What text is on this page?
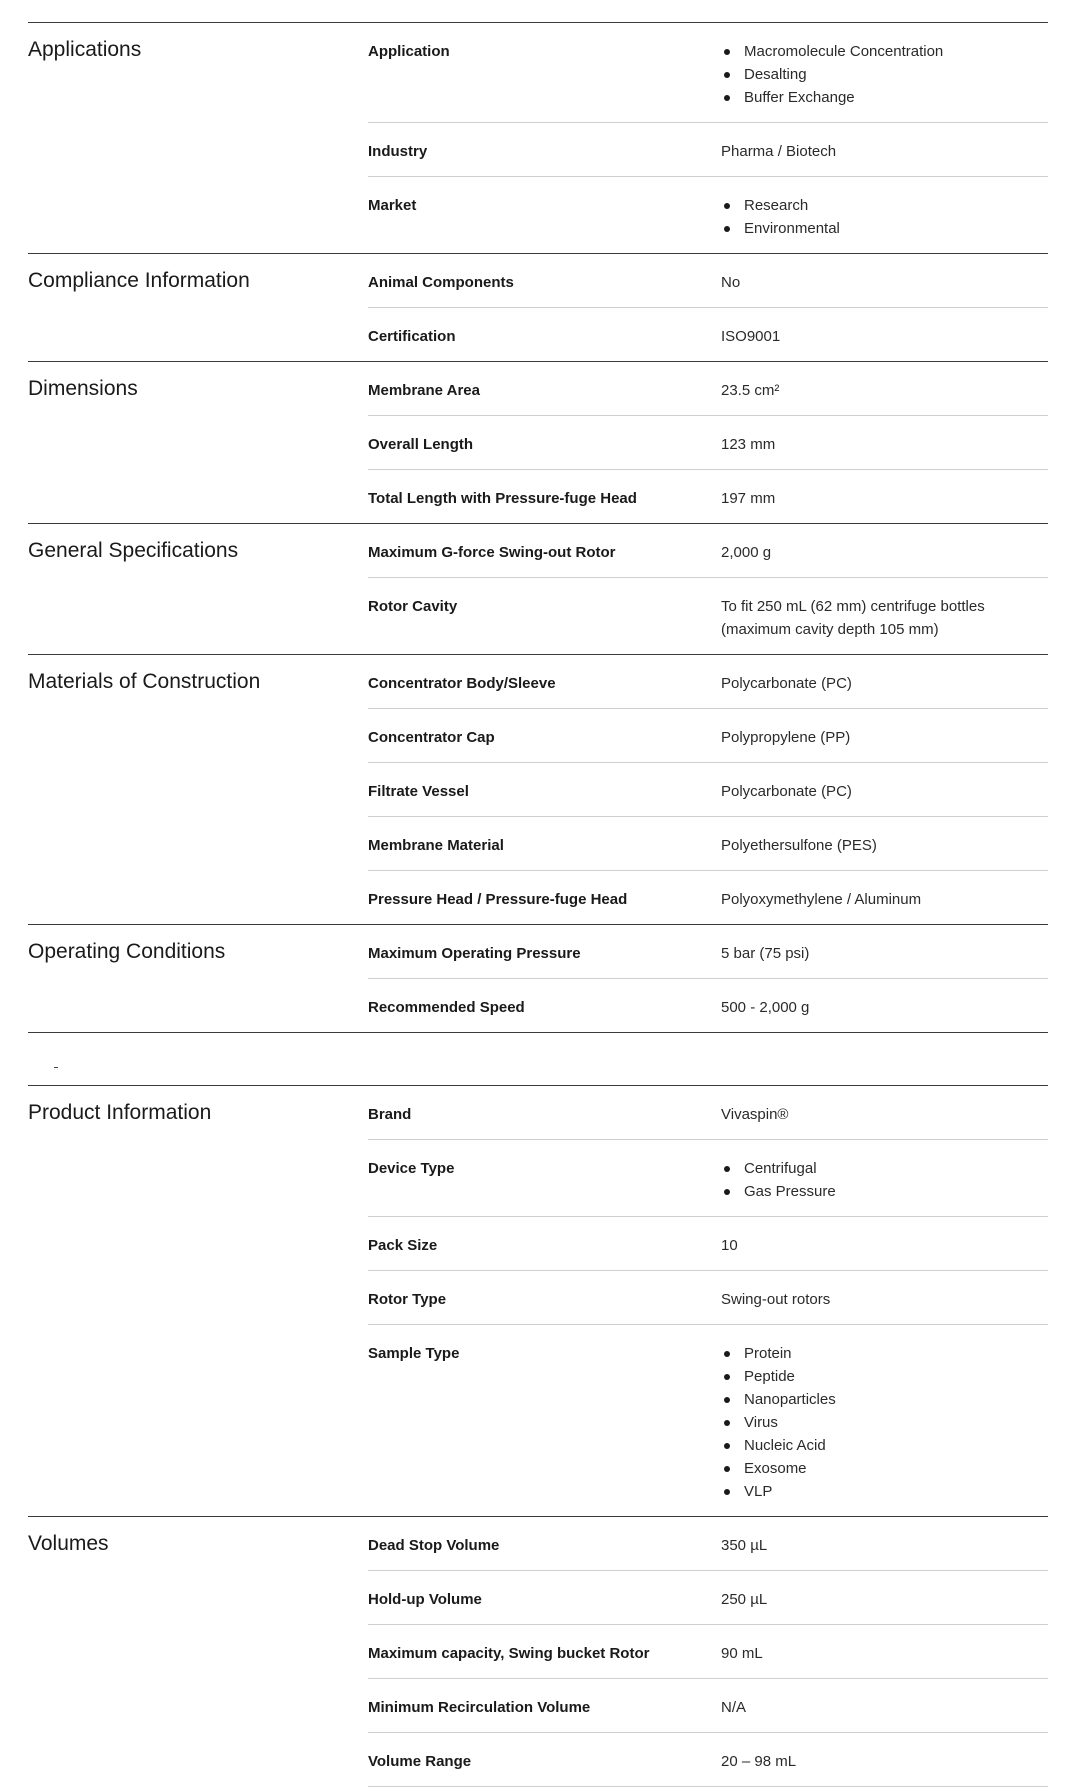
Applications	Application	Macromolecule Concentration
Desalting
Buffer Exchange
Industry	Pharma / Biotech
Market	Research
Environmental
Compliance Information	Animal Components	No
Certification	ISO9001
Dimensions	Membrane Area	23.5 cm²
Overall Length	123 mm
Total Length with Pressure-fuge Head	197 mm
General Specifications	Maximum G-force Swing-out Rotor	2,000 g
Rotor Cavity	To fit 250 mL (62 mm) centrifuge bottles (maximum cavity depth 105 mm)
Materials of Construction	Concentrator Body/Sleeve	Polycarbonate (PC)
Concentrator Cap	Polypropylene (PP)
Filtrate Vessel	Polycarbonate (PC)
Membrane Material	Polyethersulfone (PES)
Pressure Head / Pressure-fuge Head	Polyoxymethylene / Aluminum
Operating Conditions	Maximum Operating Pressure	5 bar (75 psi)
Recommended Speed	500 - 2,000 g
Product Information	Brand	Vivaspin®
Device Type	Centrifugal
Gas Pressure
Pack Size	10
Rotor Type	Swing-out rotors
Sample Type	Protein
Peptide
Nanoparticles
Virus
Nucleic Acid
Exosome
VLP
Volumes	Dead Stop Volume	350 µL
Hold-up Volume	250 µL
Maximum capacity, Swing bucket Rotor	90 mL
Minimum Recirculation Volume	N/A
Volume Range	20 – 98 mL
